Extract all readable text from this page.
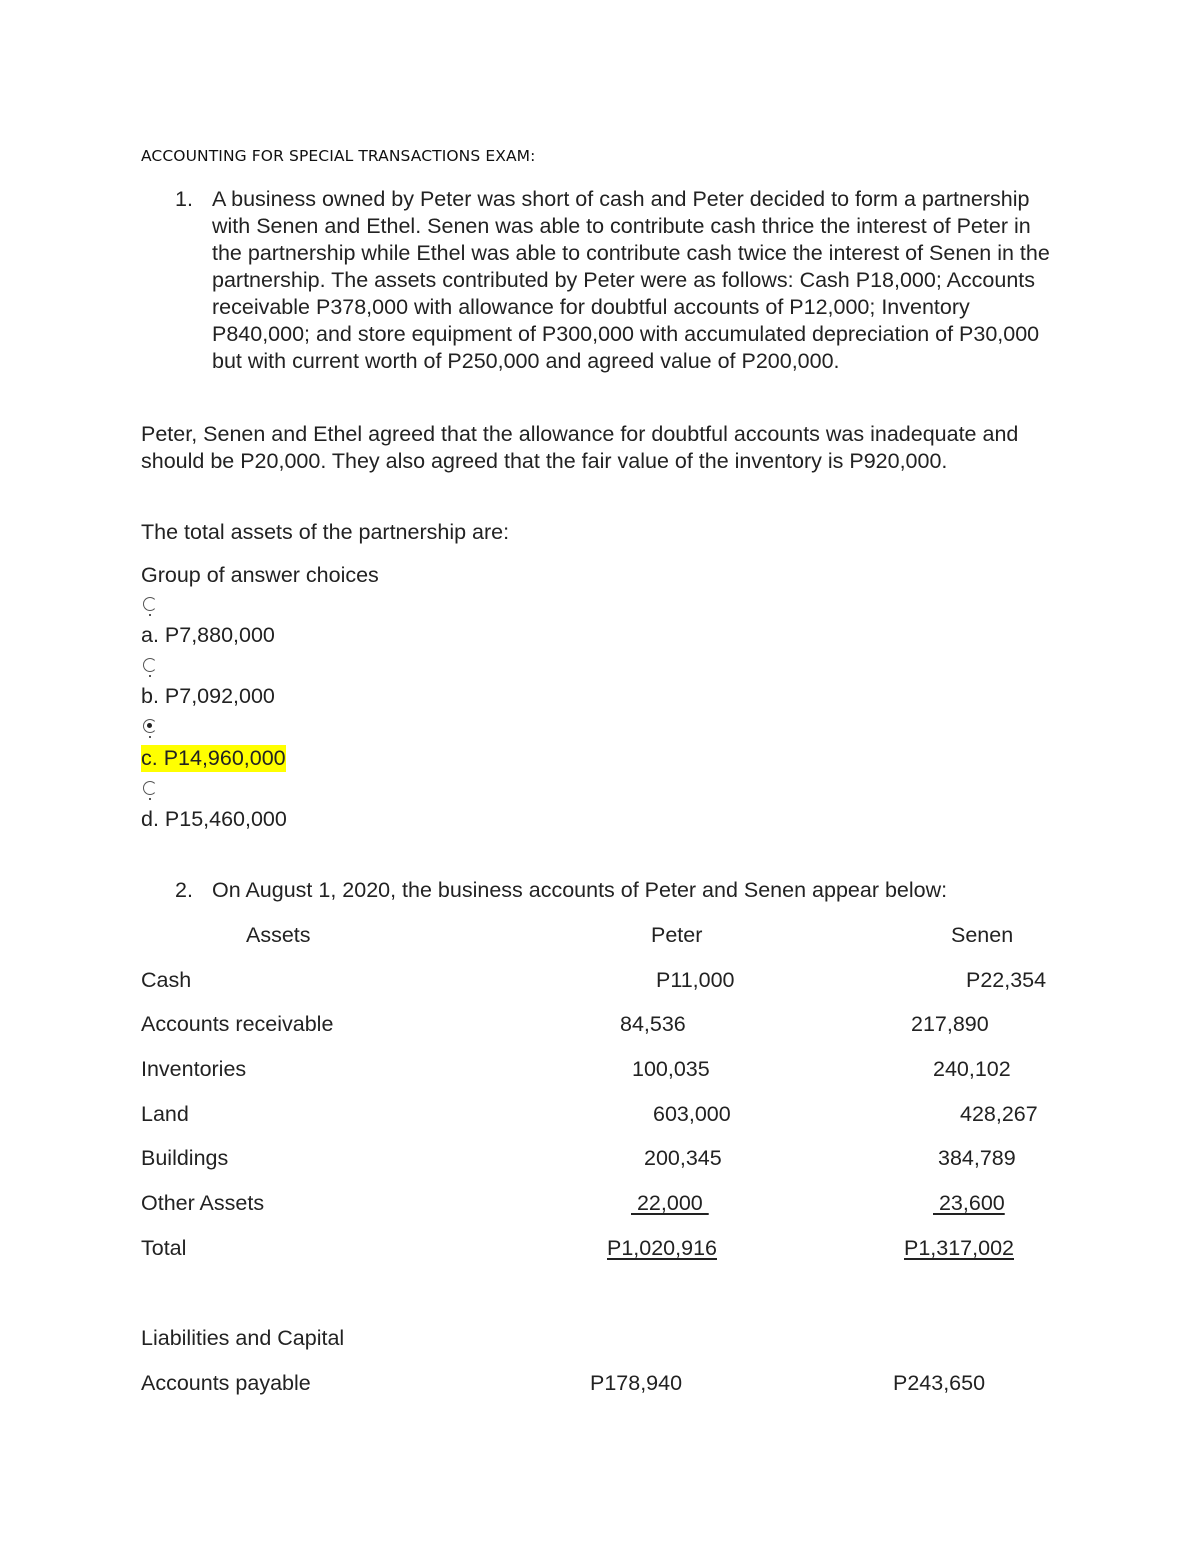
ACCOUNTING FOR SPECIAL TRANSACTIONS EXAM:
1. A business owned by Peter was short of cash and Peter decided to form a partnership with Senen and Ethel. Senen was able to contribute cash thrice the interest of Peter in the partnership while Ethel was able to contribute cash twice the interest of Senen in the partnership. The assets contributed by Peter were as follows: Cash P18,000; Accounts receivable P378,000 with allowance for doubtful accounts of P12,000; Inventory P840,000; and store equipment of P300,000 with accumulated depreciation of P30,000 but with current worth of P250,000 and agreed value of P200,000.

Peter, Senen and Ethel agreed that the allowance for doubtful accounts was inadequate and should be P20,000. They also agreed that the fair value of the inventory is P920,000.

The total assets of the partnership are:

Group of answer choices

a. P7,880,000
b. P7,092,000
c. P14,960,000
d. P15,460,000
2. On August 1, 2020, the business accounts of Peter and Senen appear below:
Assets	Peter	Senen
Cash	P11,000	P22,354
Accounts receivable	84,536	217,890
Inventories	100,035	240,102
Land	603,000	428,267
Buildings	200,345	384,789
Other Assets	22,000	23,600
Total	P1,020,916	P1,317,002
Liabilities and Capital
Accounts payable	P178,940	P243,650
